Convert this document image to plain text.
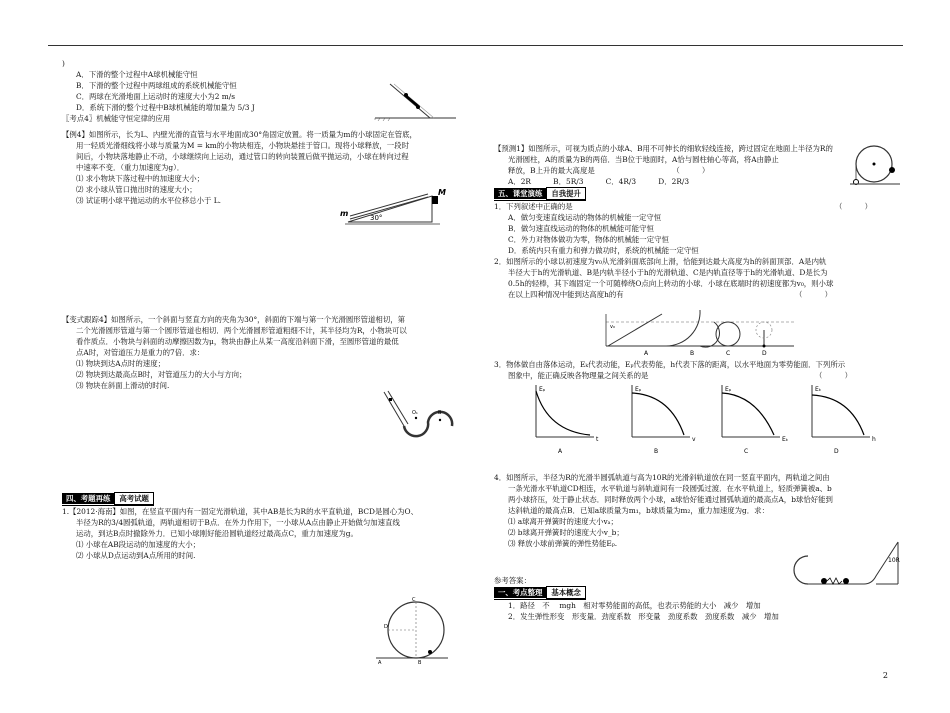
)

A．下滑的整个过程中A球机械能守恒

B．下滑的整个过程中两球组成的系统机械能守恒

C．两球在光滑地面上运动时的速度大小为2 m/s

D．系统下滑的整个过程中B球机械能的增加量为 5/3 J

〖考点4〗机械能守恒定律的应用

【例4】如图所示，长为L、内壁光滑的直管与水平地面成30°角固定放置。将一质量为m的小球固定在管底，

用一轻质光滑细线将小球与质量为M = km的小物块相连，小物块悬挂于管口。现将小球释放，一段时

间后，小物块落地静止不动，小球继续向上运动，通过管口的转向装置后做平抛运动，小球在转向过程

中速率不变．（重力加速度为g）．

⑴ 求小物块下落过程中的加速度大小；

⑵ 求小球从管口抛出时的速度大小；

⑶ 试证明小球平抛运动的水平位移总小于 L.

【变式跟踪4】如图所示，一个斜面与竖直方向的夹角为30°，斜面的下端与第一个光滑圆形管道相切，第

二个光滑圆形管道与第一个圆形管道也相切．两个光滑圆形管道粗细不计，其半径均为R，小物块可以

看作质点．小物块与斜面的动摩擦因数为μ，物块由静止从某一高度沿斜面下滑，至圆形管道的最低

点A时，对管道压力是重力的7倍．求：

⑴ 物块到达A点时的速度；

⑵ 物块到达最高点B时，对管道压力的大小与方向；

⑶ 物块在斜面上滑动的时间.

四、考题再练 高考试题

1.【2012·海南】如图，在竖直平面内有一固定光滑轨道，其中AB是长为R的水平直轨道，BCD是圆心为O、

半径为R的3/4圆弧轨道，两轨道相切于B点．在外力作用下，一小球从A点由静止开始做匀加速直线

运动，到达B点时撤除外力．已知小球刚好能沿圆轨道经过最高点C，重力加速度为g。

⑴ 小球在AB段运动的加速度的大小；

⑵ 小球从D点运动到A点所用的时间.

M
m	30°
O₁	B
C
D
B
A

【预测1】如图所示，可视为质点的小球A、B用不可伸长的细软轻线连接，跨过固定在地面上半径为R的

光滑圆柱，A的质量为B的两倍．当B位于地面时，A恰与圆柱轴心等高，将A由静止

释放，B上升的最大高度是　　　　　　　　　　　（　　　）

A．2R　　　B．5R/3　　　C．4R/3　　　D．2R/3

五、课堂演练 自我提升

1．下列叙述中正确的是	（　　　）

A．做匀变速直线运动的物体的机械能一定守恒

B．做匀速直线运动的物体的机械能可能守恒

C．外力对物体做功为零，物体的机械能一定守恒

D．系统内只有重力和弹力做功时，系统的机械能一定守恒

2．如图所示的小球以初速度为v₀从光滑斜面底部向上滑，恰能到达最大高度为h的斜面顶部．A是内轨

半径大于h的光滑轨道、B是内轨半径小于h的光滑轨道、C是内轨直径等于h的光滑轨道、D是长为

0.5h的轻棒，其下端固定一个可随棒绕O点向上转动的小球．小球在底端时的初速度都为v₀，则小球

在以上四种情况中能到达高度h的有	（　　　）
v₀
A	B	C	D

3．物体做自由落体运动，Eₖ代表动能，Eₚ代表势能，h代表下落的距离，以水平地面为零势能面．下列所示

图象中，能正确反映各物理量之间关系的是	（　　　）
Eₚ
t
A
Eₚ
v
B
Eₚ
Eₖ
C
Eₖ
h
D

4．如图所示，半径为R的光滑半圆弧轨道与高为10R的光滑斜轨道放在同一竖直平面内，两轨道之间由

一条光滑水平轨道CD相连，水平轨道与斜轨道间有一段圆弧过渡．在水平轨道上，轻质弹簧被a、b

两小球挤压，处于静止状态．同时释放两个小球，a球恰好能通过圆弧轨道的最高点A，b球恰好能到

达斜轨道的最高点B．已知a球质量为m₁，b球质量为m₂，重力加速度为g．求：

⑴ a球离开弹簧时的速度大小vₐ；

⑵ b球离开弹簧时的速度大小v_b；

⑶ 释放小球前弹簧的弹性势能Eₚ.

参考答案：

一、考点整理 基本概念

1．路径　不　 mgh　相对零势能面的高低，也表示势能的大小　减少　增加

2．发生弹性形变　形变量．劲度系数　形变量　劲度系数　劲度系数　减少　增加

10R
2
